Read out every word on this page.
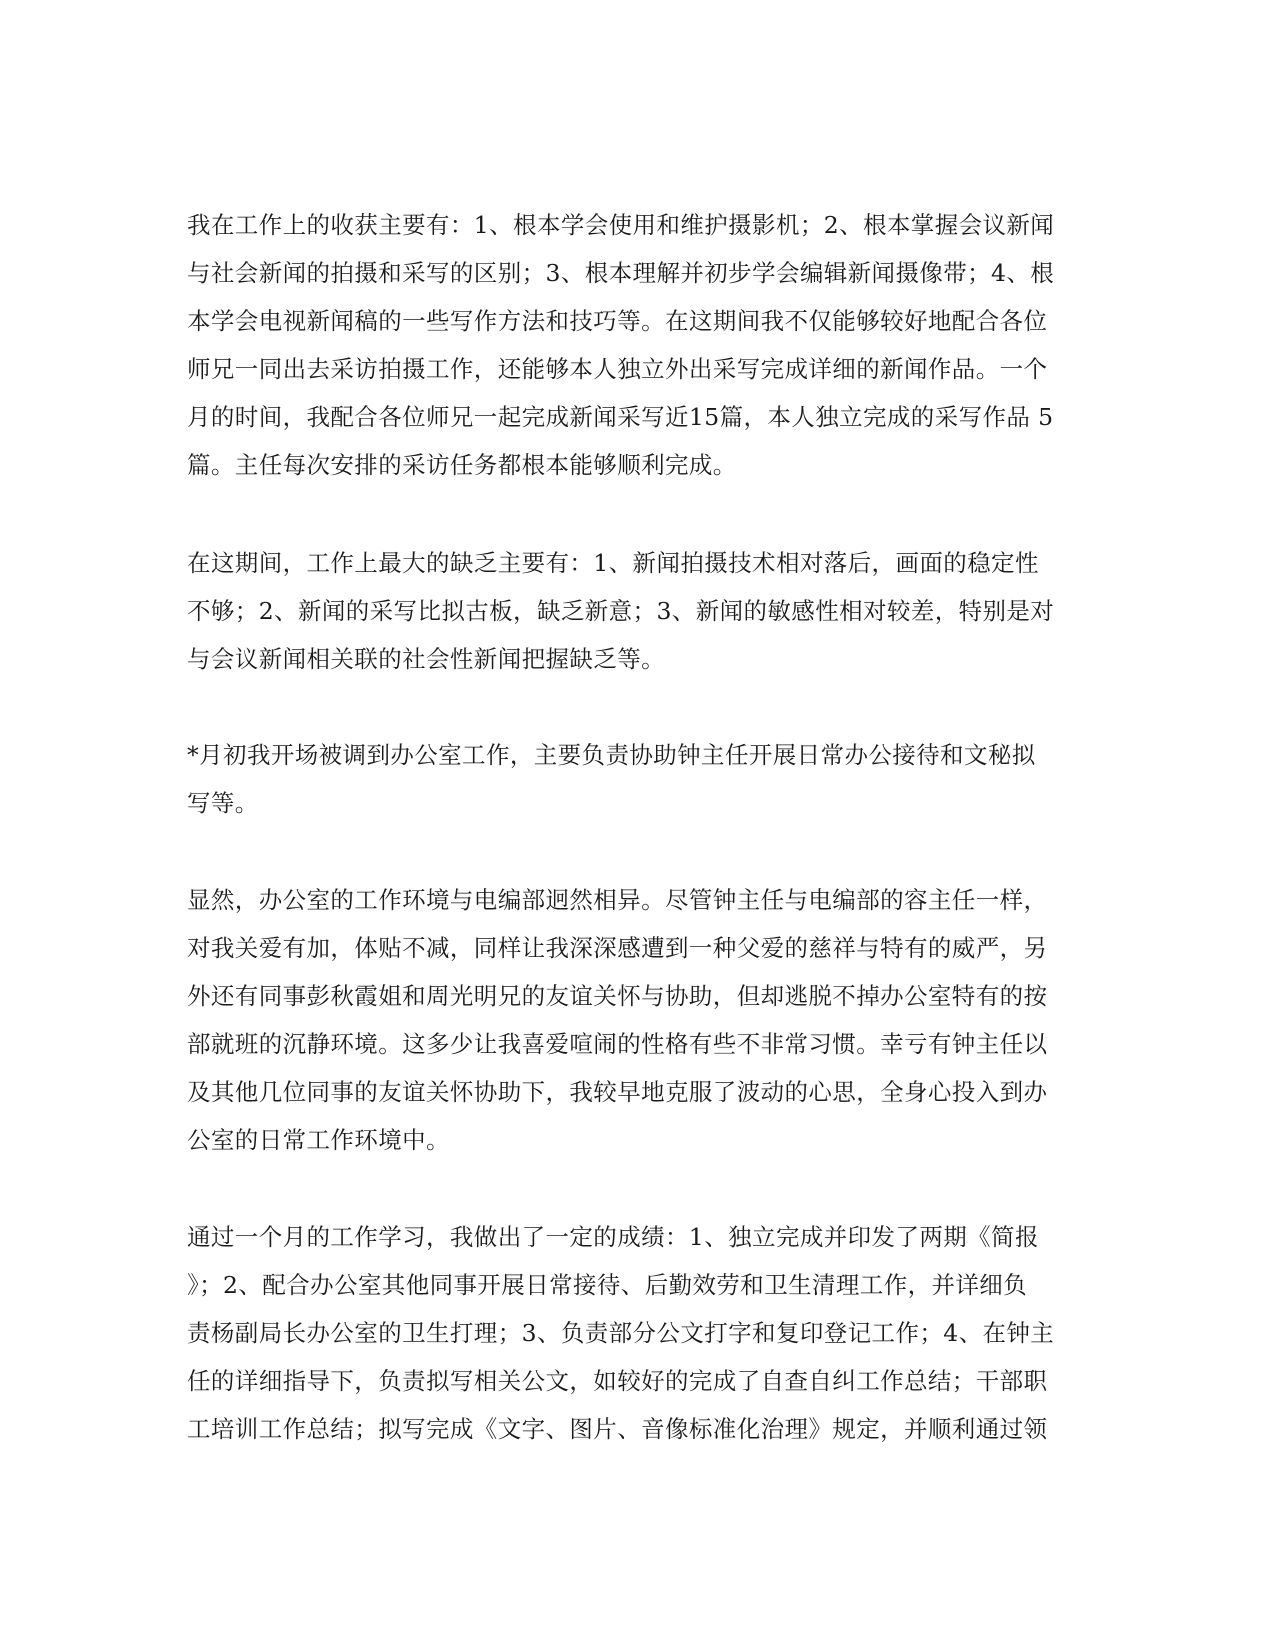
我在工作上的收获主要有：1、根本学会使用和维护摄影机；2、根本掌握会议新闻
与社会新闻的拍摄和采写的区别；3、根本理解并初步学会编辑新闻摄像带；4、根
本学会电视新闻稿的一些写作方法和技巧等。在这期间我不仅能够较好地配合各位
师兄一同出去采访拍摄工作，还能够本人独立外出采写完成详细的新闻作品。一个
月的时间，我配合各位师兄一起完成新闻采写近15篇，本人独立完成的采写作品 5
篇。主任每次安排的采访任务都根本能够顺利完成。
在这期间，工作上最大的缺乏主要有：1、新闻拍摄技术相对落后，画面的稳定性
不够；2、新闻的采写比拟古板，缺乏新意；3、新闻的敏感性相对较差，特别是对
与会议新闻相关联的社会性新闻把握缺乏等。
*月初我开场被调到办公室工作，主要负责协助钟主任开展日常办公接待和文秘拟
写等。
显然，办公室的工作环境与电编部迥然相异。尽管钟主任与电编部的容主任一样，
对我关爱有加，体贴不减，同样让我深深感遭到一种父爱的慈祥与特有的威严，另
外还有同事彭秋霞姐和周光明兄的友谊关怀与协助，但却逃脱不掉办公室特有的按
部就班的沉静环境。这多少让我喜爱喧闹的性格有些不非常习惯。幸亏有钟主任以
及其他几位同事的友谊关怀协助下，我较早地克服了波动的心思，全身心投入到办
公室的日常工作环境中。
通过一个月的工作学习，我做出了一定的成绩：1、独立完成并印发了两期《简报
》；2、配合办公室其他同事开展日常接待、后勤效劳和卫生清理工作，并详细负
责杨副局长办公室的卫生打理；3、负责部分公文打字和复印登记工作；4、在钟主
任的详细指导下，负责拟写相关公文，如较好的完成了自查自纠工作总结；干部职
工培训工作总结；拟写完成《文字、图片、音像标准化治理》规定，并顺利通过领
